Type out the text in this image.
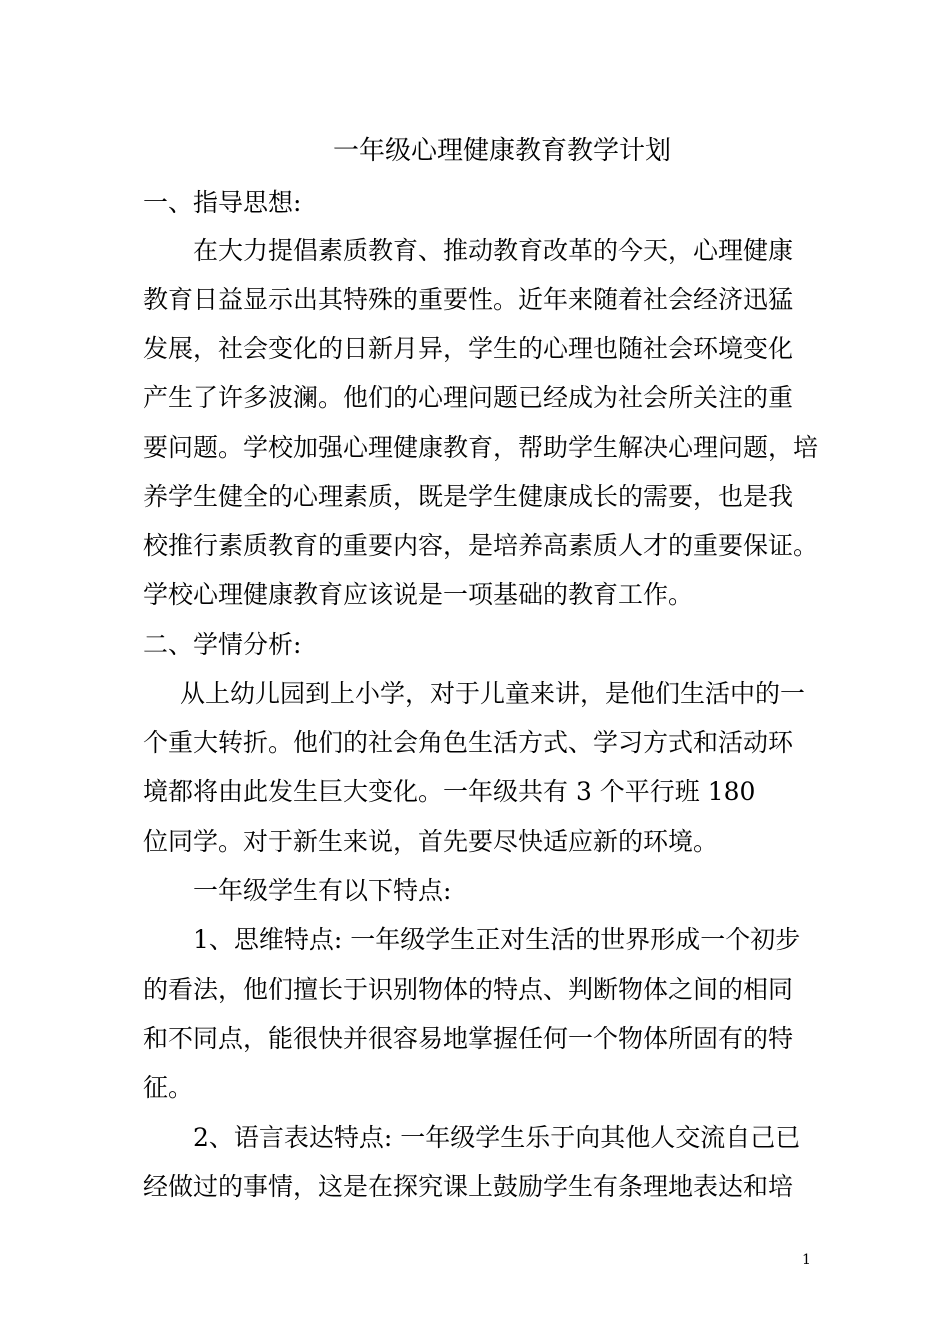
一年级心理健康教育教学计划
一、指导思想:
在大力提倡素质教育、推动教育改革的今天，心理健康
教育日益显示出其特殊的重要性。近年来随着社会经济迅猛
发展，社会变化的日新月异，学生的心理也随社会环境变化
产生了许多波澜。他们的心理问题已经成为社会所关注的重
要问题。学校加强心理健康教育，帮助学生解决心理问题，培
养学生健全的心理素质，既是学生健康成长的需要，也是我
校推行素质教育的重要内容，是培养高素质人才的重要保证。
学校心理健康教育应该说是一项基础的教育工作。
二、学情分析:
从上幼儿园到上小学，对于儿童来讲，是他们生活中的一
个重大转折。他们的社会角色生活方式、学习方式和活动环
境都将由此发生巨大变化。一年级共有 3 个平行班 180
位同学。对于新生来说，首先要尽快适应新的环境。
一年级学生有以下特点:
1、思维特点: 一年级学生正对生活的世界形成一个初步
的看法，他们擅长于识别物体的特点、判断物体之间的相同
和不同点，能很快并很容易地掌握任何一个物体所固有的特
征。
2、语言表达特点: 一年级学生乐于向其他人交流自己已
经做过的事情，这是在探究课上鼓励学生有条理地表达和培
1
